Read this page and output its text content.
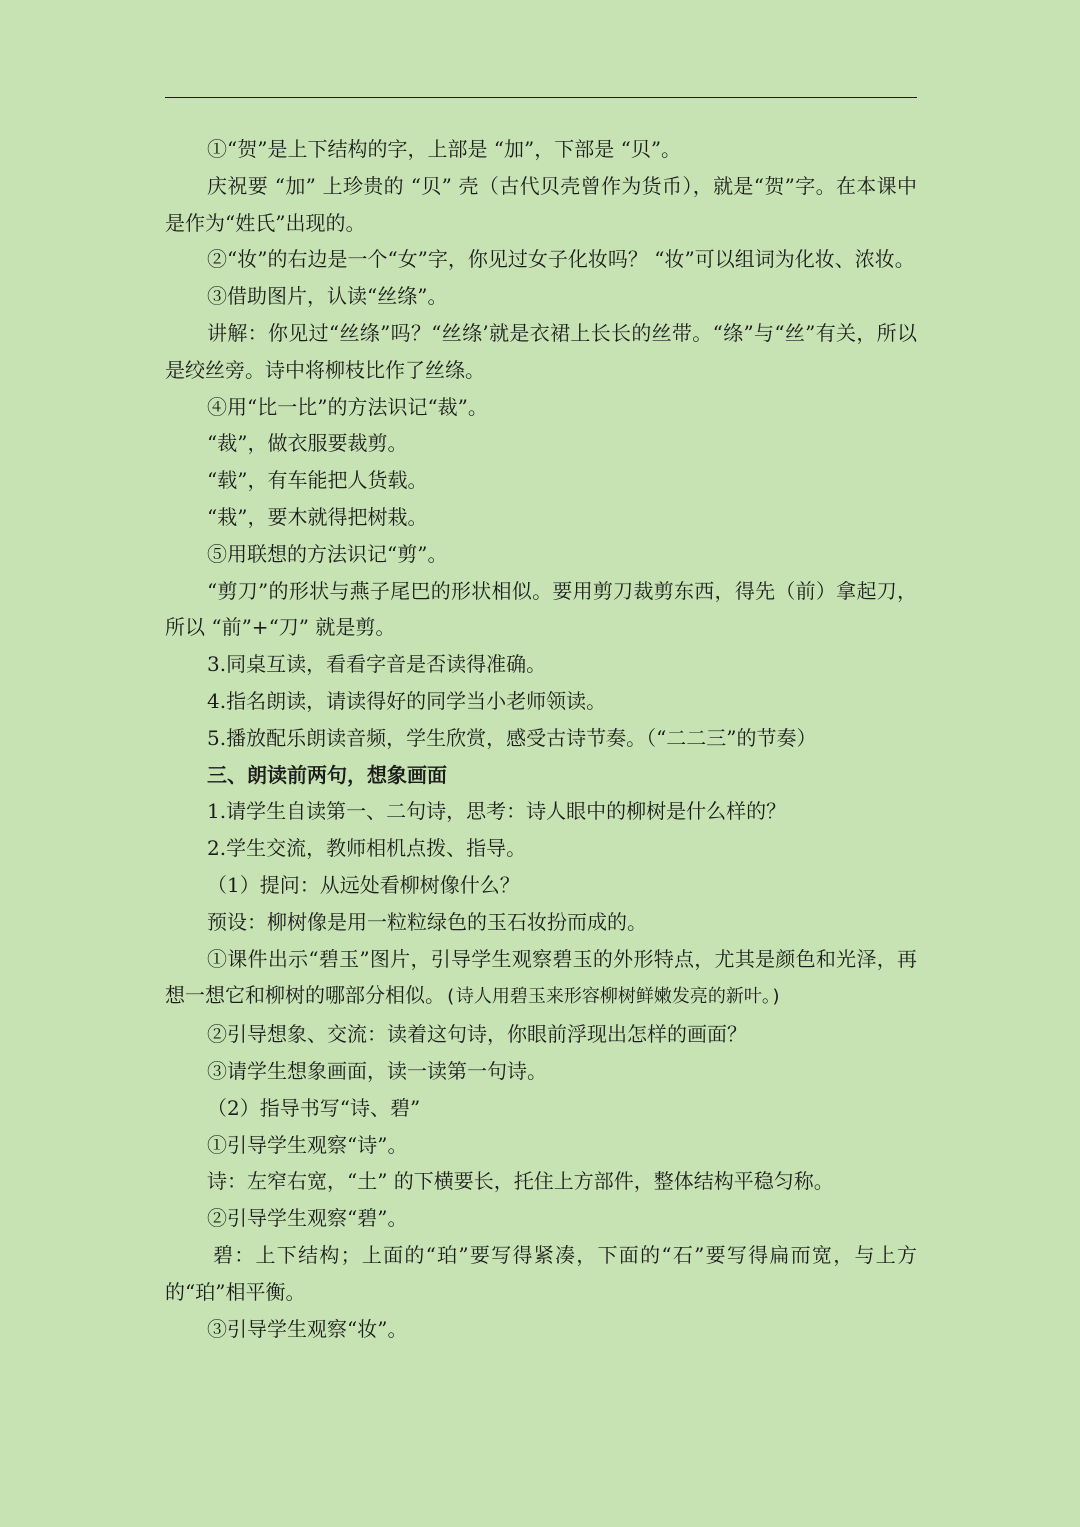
①“贺”是上下结构的字，上部是 “加”，下部是 “贝”。

庆祝要 “加” 上珍贵的 “贝” 壳（古代贝壳曾作为货币），就是“贺”字。在本课中是作为“姓氏”出现的。

②“妆”的右边是一个“女”字，你见过女子化妆吗？ “妆”可以组词为化妆、浓妆。

③借助图片，认读“丝绦”。

讲解：你见过“丝绦”吗？“丝绦’就是衣裙上长长的丝带。“绦”与“丝”有关，所以是绞丝旁。诗中将柳枝比作了丝绦。

④用“比一比”的方法识记“裁”。

“裁”，做衣服要裁剪。

“载”，有车能把人货载。

“栽”，要木就得把树栽。

⑤用联想的方法识记“剪”。

“剪刀”的形状与燕子尾巴的形状相似。要用剪刀裁剪东西，得先（前）拿起刀，所以 “前”+“刀” 就是剪。

3.同桌互读，看看字音是否读得准确。

4.指名朗读，请读得好的同学当小老师领读。

5.播放配乐朗读音频，学生欣赏，感受古诗节奏。（“二二三”的节奏）

三、朗读前两句，想象画面

1.请学生自读第一、二句诗，思考：诗人眼中的柳树是什么样的？

2.学生交流，教师相机点拨、指导。

（1）提问：从远处看柳树像什么？

预设：柳树像是用一粒粒绿色的玉石妆扮而成的。

①课件出示“碧玉”图片，引导学生观察碧玉的外形特点，尤其是颜色和光泽，再想一想它和柳树的哪部分相似。(诗人用碧玉来形容柳树鲜嫩发亮的新叶。)

②引导想象、交流：读着这句诗，你眼前浮现出怎样的画面？

③请学生想象画面，读一读第一句诗。

（2）指导书写“诗、碧”

①引导学生观察“诗”。

诗：左窄右宽，“土” 的下横要长，托住上方部件，整体结构平稳匀称。

②引导学生观察“碧”。

碧：上下结构；上面的“珀”要写得紧凑，下面的“石”要写得扁而宽，与上方的“珀”相平衡。

③引导学生观察“妆”。
